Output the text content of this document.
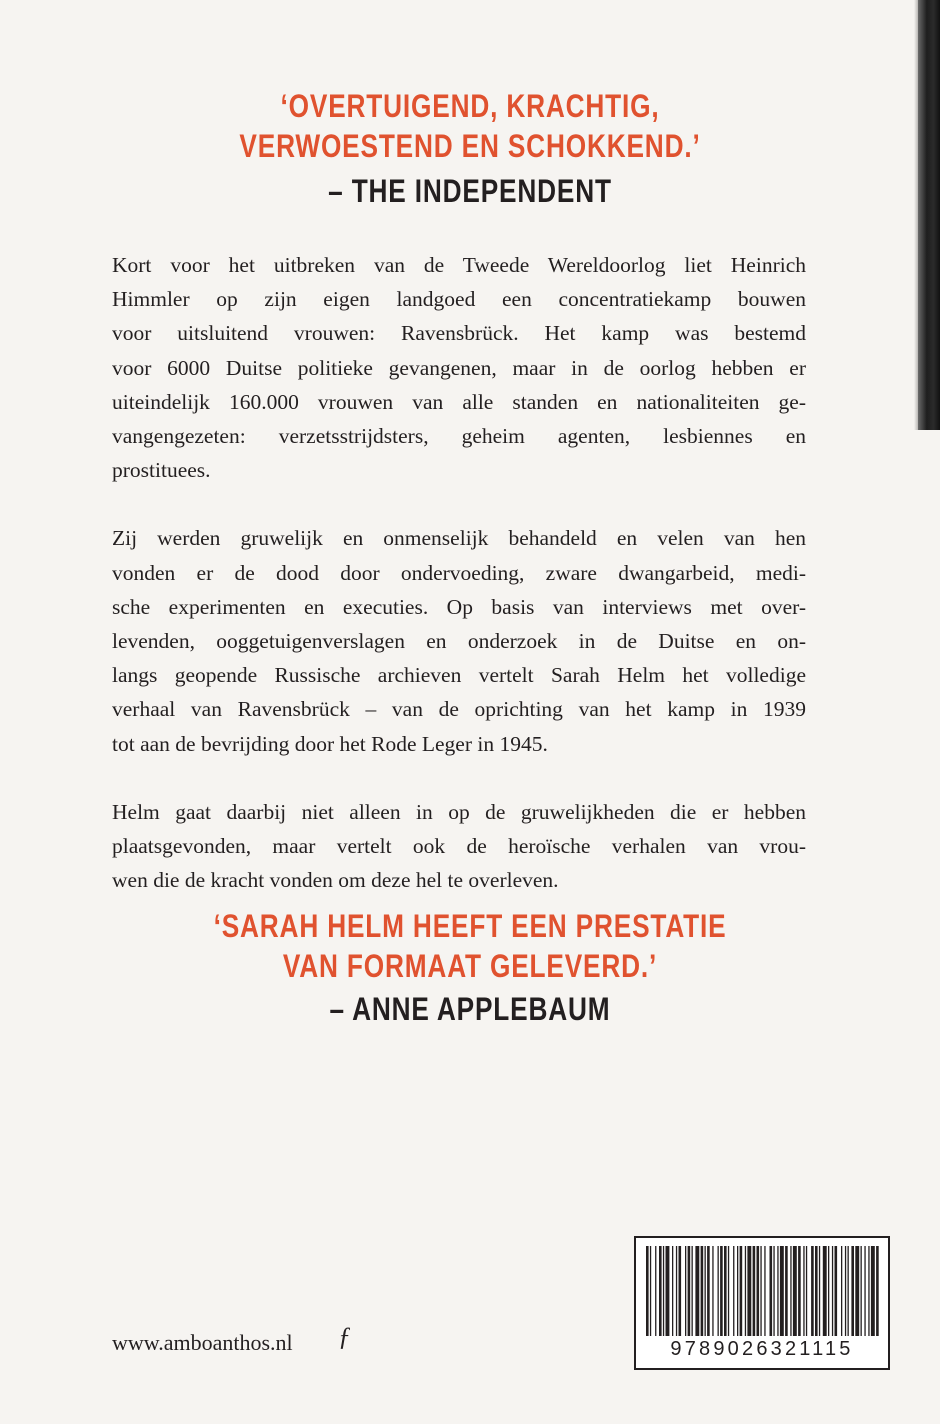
‘OVERTUIGEND, KRACHTIG,
VERWOESTEND EN SCHOKKEND.’
– THE INDEPENDENT

Kort voor het uitbreken van de Tweede Wereldoorlog liet Heinrich
Himmler op zijn eigen landgoed een concentratiekamp bouwen
voor uitsluitend vrouwen: Ravensbrück. Het kamp was bestemd
voor 6000 Duitse politieke gevangenen, maar in de oorlog hebben er
uiteindelijk 160.000 vrouwen van alle standen en nationaliteiten ge-
vangengezeten: verzetsstrijdsters, geheim agenten, lesbiennes en
prostituees.

Zij werden gruwelijk en onmenselijk behandeld en velen van hen
vonden er de dood door ondervoeding, zware dwangarbeid, medi-
sche experimenten en executies. Op basis van interviews met over-
levenden, ooggetuigenverslagen en onderzoek in de Duitse en on-
langs geopende Russische archieven vertelt Sarah Helm het volledige
verhaal van Ravensbrück – van de oprichting van het kamp in 1939
tot aan de bevrijding door het Rode Leger in 1945.

Helm gaat daarbij niet alleen in op de gruwelijkheden die er hebben
plaatsgevonden, maar vertelt ook de heroïsche verhalen van vrou-
wen die de kracht vonden om deze hel te overleven.

‘SARAH HELM HEEFT EEN PRESTATIE
VAN FORMAAT GELEVERD.’
– ANNE APPLEBAUM
www.amboanthos.nl ƒ	9789026321115
